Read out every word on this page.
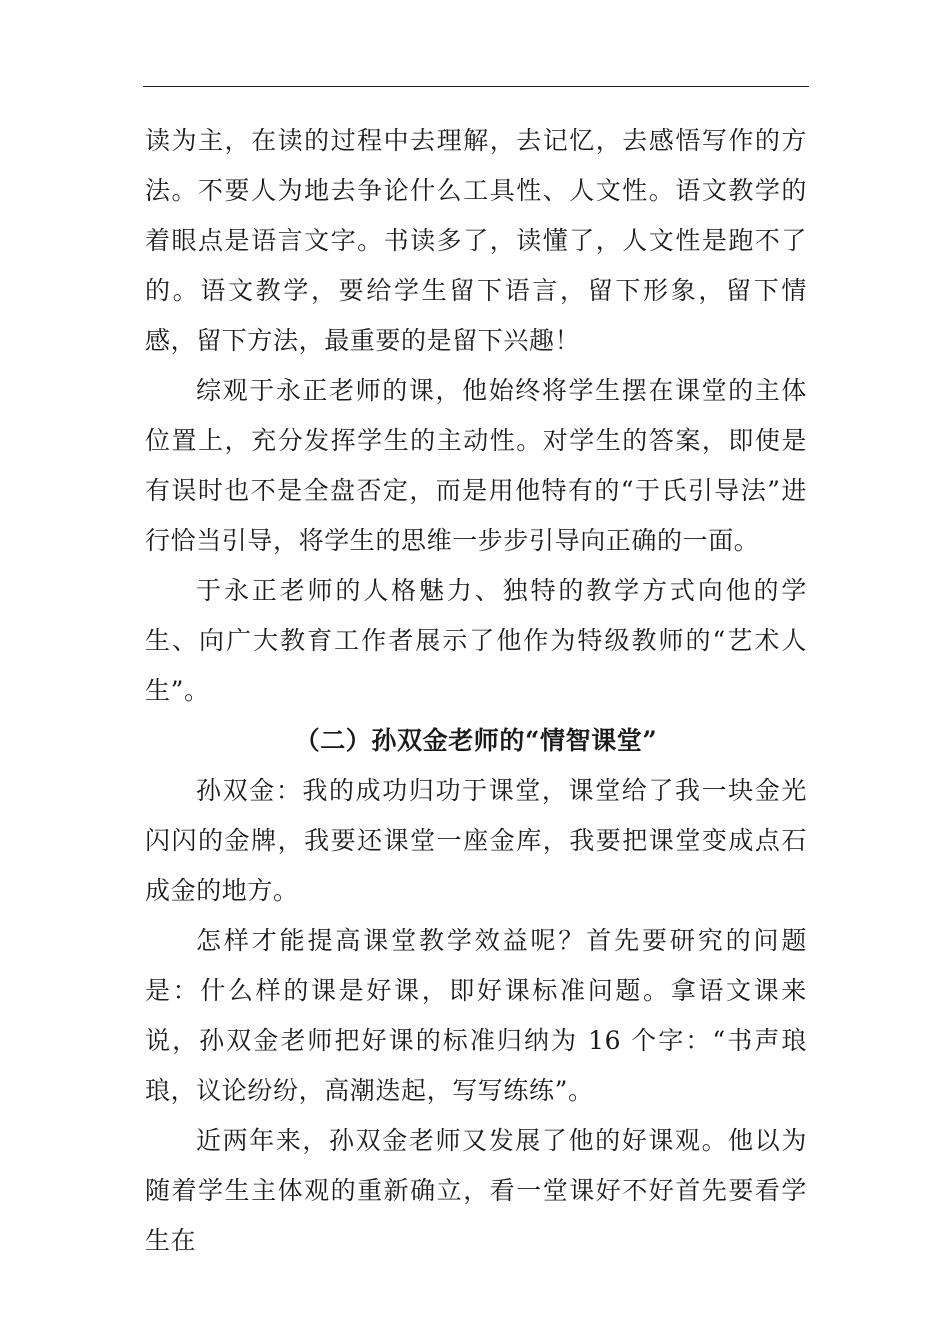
读为主，在读的过程中去理解，去记忆，去感悟写作的方法。不要人为地去争论什么工具性、人文性。语文教学的着眼点是语言文字。书读多了，读懂了，人文性是跑不了的。语文教学，要给学生留下语言，留下形象，留下情感，留下方法，最重要的是留下兴趣！

综观于永正老师的课，他始终将学生摆在课堂的主体位置上，充分发挥学生的主动性。对学生的答案，即使是有误时也不是全盘否定，而是用他特有的“于氏引导法”进行恰当引导，将学生的思维一步步引导向正确的一面。

于永正老师的人格魅力、独特的教学方式向他的学生、向广大教育工作者展示了他作为特级教师的“艺术人生”。

（二）孙双金老师的“情智课堂”

孙双金：我的成功归功于课堂，课堂给了我一块金光闪闪的金牌，我要还课堂一座金库，我要把课堂变成点石成金的地方。

怎样才能提高课堂教学效益呢？首先要研究的问题是：什么样的课是好课，即好课标准问题。拿语文课来说，孙双金老师把好课的标准归纳为 16 个字：“书声琅琅，议论纷纷，高潮迭起，写写练练”。

近两年来，孙双金老师又发展了他的好课观。他以为随着学生主体观的重新确立，看一堂课好不好首先要看学生在
